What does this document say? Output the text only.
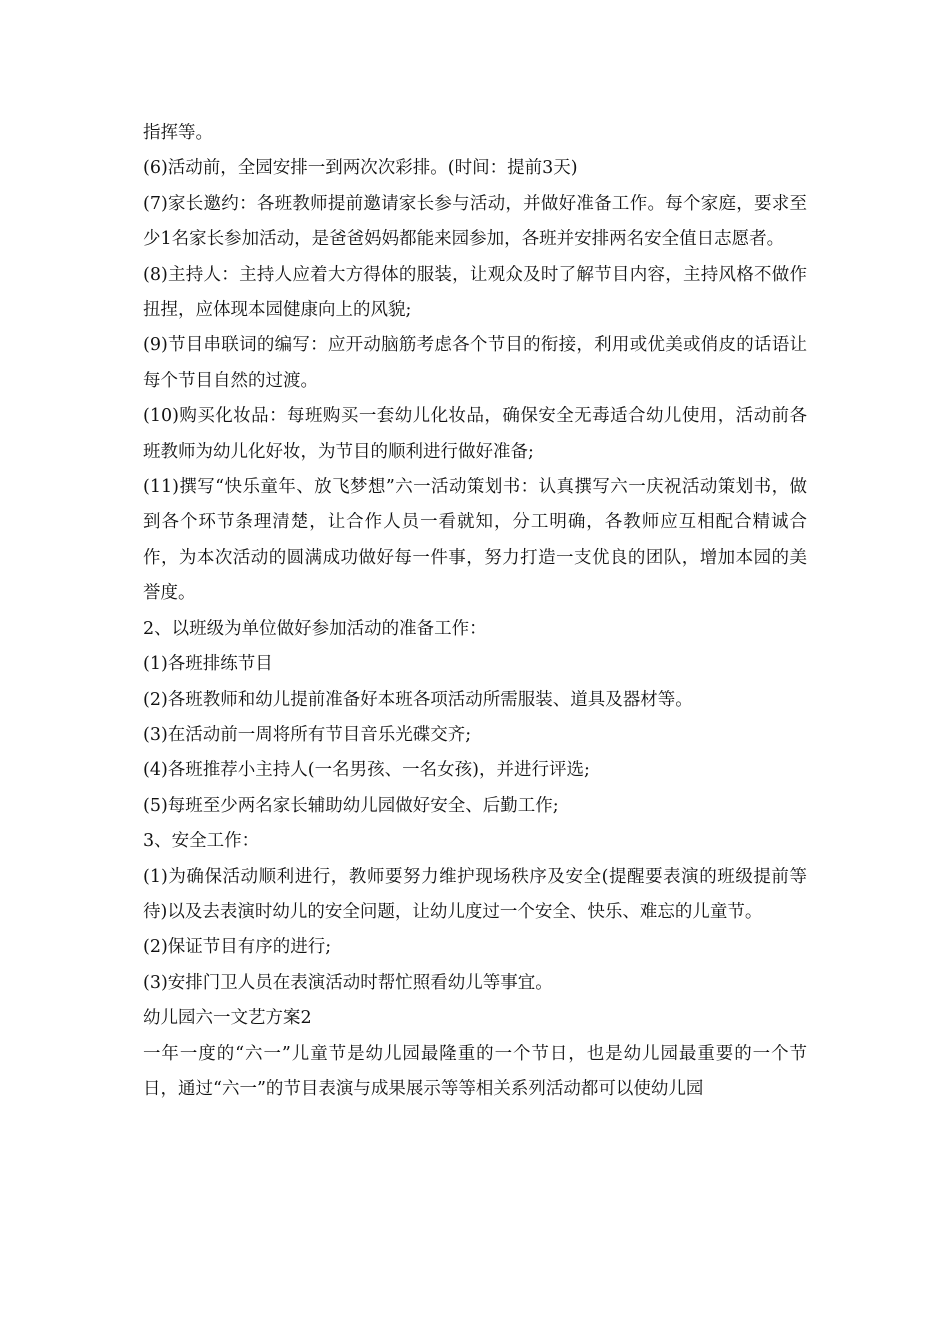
指挥等。

(6)活动前，全园安排一到两次次彩排。(时间：提前3天)

(7)家长邀约：各班教师提前邀请家长参与活动，并做好准备工作。每个家庭，要求至少1名家长参加活动，是爸爸妈妈都能来园参加，各班并安排两名安全值日志愿者。

(8)主持人：主持人应着大方得体的服装，让观众及时了解节目内容，主持风格不做作扭捏，应体现本园健康向上的风貌;

(9)节目串联词的编写：应开动脑筋考虑各个节目的衔接，利用或优美或俏皮的话语让每个节目自然的过渡。

(10)购买化妆品：每班购买一套幼儿化妆品，确保安全无毒适合幼儿使用，活动前各班教师为幼儿化好妆，为节目的顺利进行做好准备;

(11)撰写“快乐童年、放飞梦想”六一活动策划书：认真撰写六一庆祝活动策划书，做到各个环节条理清楚，让合作人员一看就知，分工明确，各教师应互相配合精诚合作，为本次活动的圆满成功做好每一件事，努力打造一支优良的团队，增加本园的美誉度。

2、以班级为单位做好参加活动的准备工作：

(1)各班排练节目

(2)各班教师和幼儿提前准备好本班各项活动所需服装、道具及器材等。

(3)在活动前一周将所有节目音乐光碟交齐;

(4)各班推荐小主持人(一名男孩、一名女孩)，并进行评选;

(5)每班至少两名家长辅助幼儿园做好安全、后勤工作;

3、安全工作：

(1)为确保活动顺利进行，教师要努力维护现场秩序及安全(提醒要表演的班级提前等待)以及去表演时幼儿的安全问题，让幼儿度过一个安全、快乐、难忘的儿童节。

(2)保证节目有序的进行;

(3)安排门卫人员在表演活动时帮忙照看幼儿等事宜。

幼儿园六一文艺方案2

一年一度的“六一”儿童节是幼儿园最隆重的一个节日，也是幼儿园最重要的一个节日，通过“六一”的节目表演与成果展示等等相关系列活动都可以使幼儿园
